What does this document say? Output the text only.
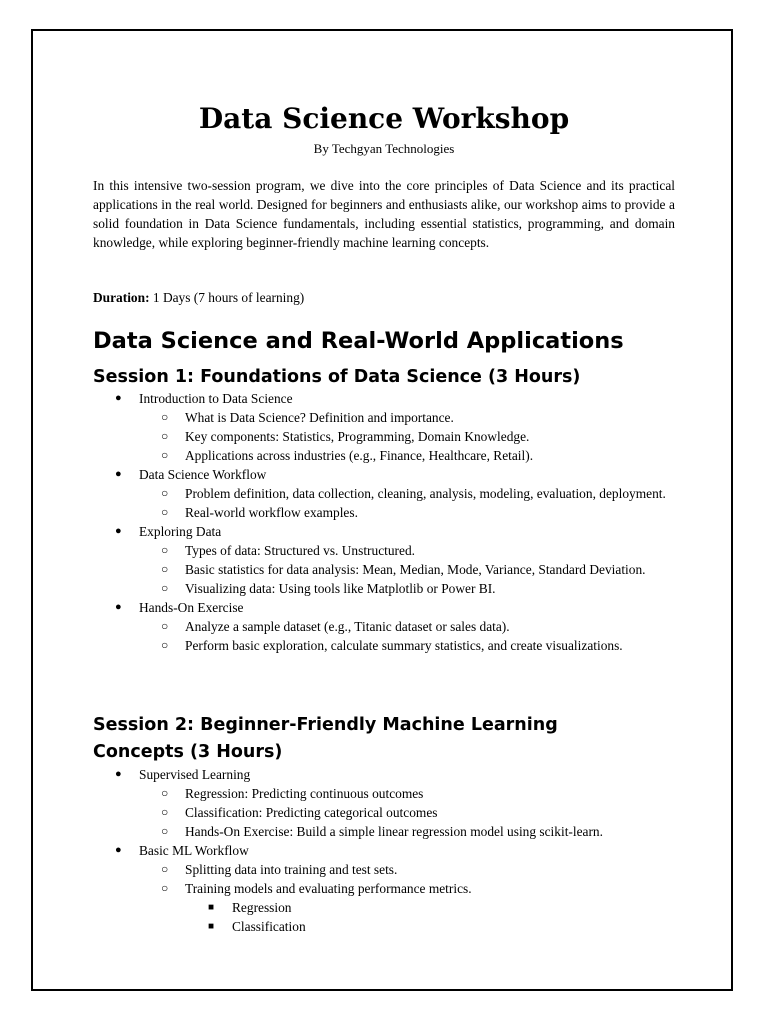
Data Science Workshop
By Techgyan Technologies

In this intensive two-session program, we dive into the core principles of Data Science and its practical applications in the real world. Designed for beginners and enthusiasts alike, our workshop aims to provide a solid foundation in Data Science fundamentals, including essential statistics, programming, and domain knowledge, while exploring beginner-friendly machine learning concepts.

Duration: 1 Days (7 hours of learning)
Data Science and Real-World Applications
Session 1: Foundations of Data Science (3 Hours)
● Introduction to Data Science
○ What is Data Science? Definition and importance.
○ Key components: Statistics, Programming, Domain Knowledge.
○ Applications across industries (e.g., Finance, Healthcare, Retail).
● Data Science Workflow
○ Problem definition, data collection, cleaning, analysis, modeling, evaluation, deployment.
○ Real-world workflow examples.
● Exploring Data
○ Types of data: Structured vs. Unstructured.
○ Basic statistics for data analysis: Mean, Median, Mode, Variance, Standard Deviation.
○ Visualizing data: Using tools like Matplotlib or Power BI.
● Hands-On Exercise
○ Analyze a sample dataset (e.g., Titanic dataset or sales data).
○ Perform basic exploration, calculate summary statistics, and create visualizations.
Session 2: Beginner-Friendly Machine Learning
Concepts (3 Hours)
● Supervised Learning
○ Regression: Predicting continuous outcomes
○ Classification: Predicting categorical outcomes
○ Hands-On Exercise: Build a simple linear regression model using scikit-learn.
● Basic ML Workflow
○ Splitting data into training and test sets.
○ Training models and evaluating performance metrics.
■ Regression
■ Classification
